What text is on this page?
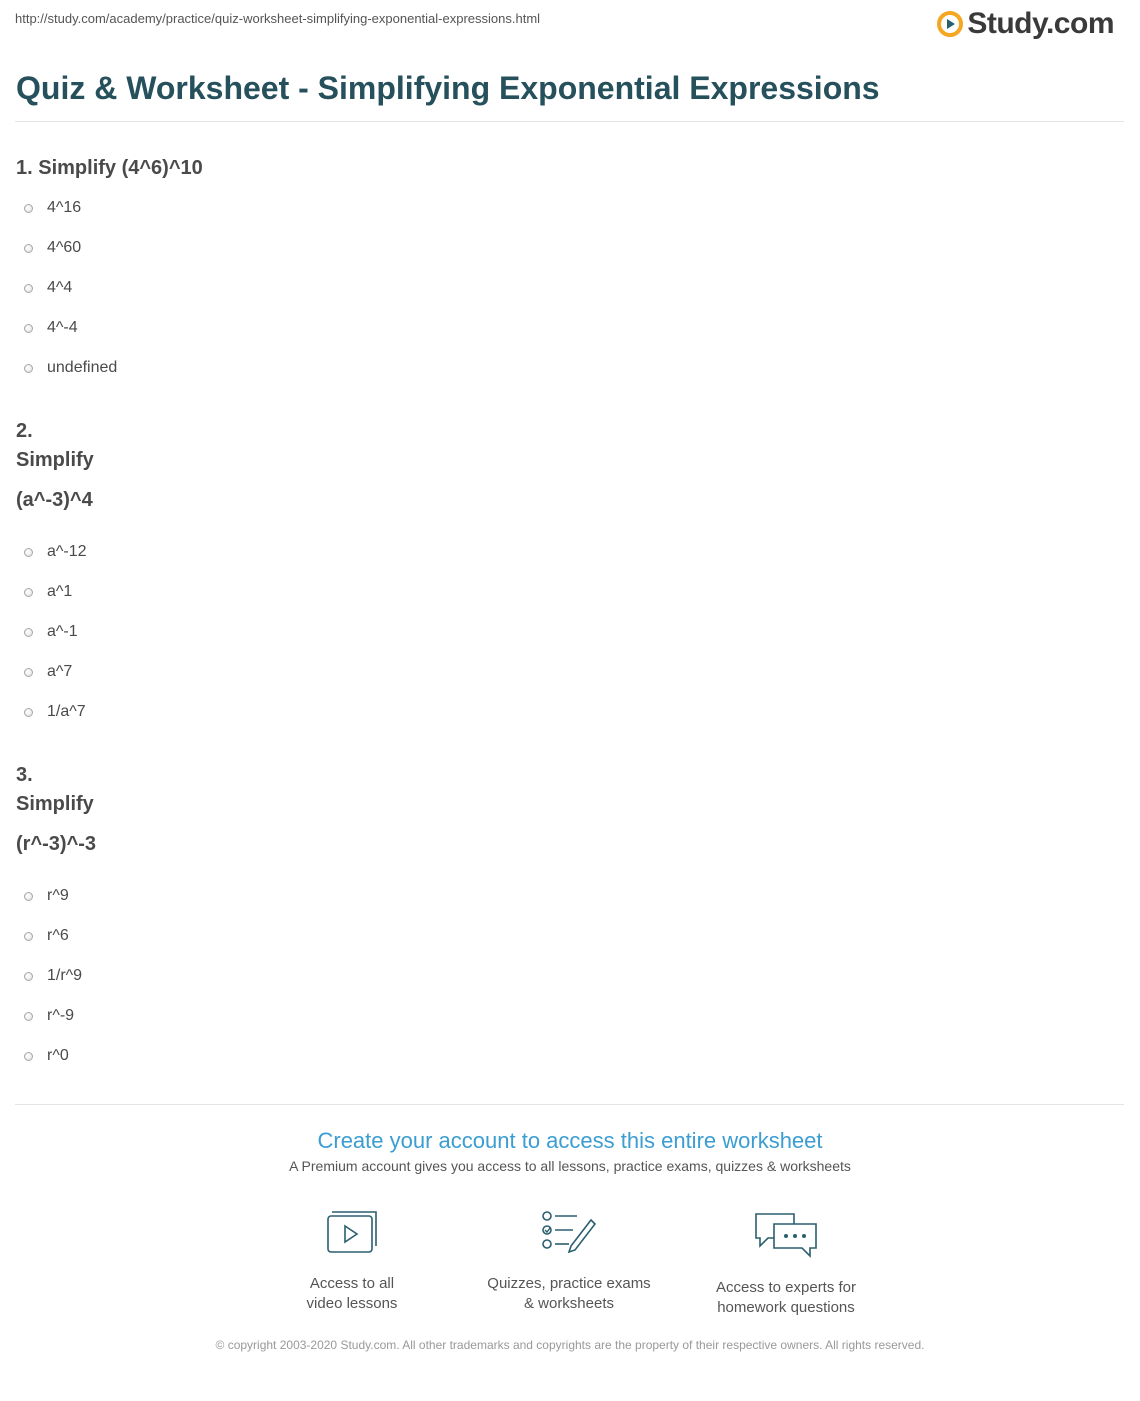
http://study.com/academy/practice/quiz-worksheet-simplifying-exponential-expressions.html	Study.com
Quiz & Worksheet - Simplifying Exponential Expressions

1. Simplify (4^6)^10

4^16
4^60
4^4
4^-4
undefined

2.

Simplify

(a^-3)^4

a^-12
a^1
a^-1
a^7
1/a^7

3.

Simplify

(r^-3)^-3

r^9
r^6
1/r^9
r^-9
r^0
Create your account to access this entire worksheet
A Premium account gives you access to all lessons, practice exams, quizzes & worksheets
Access to all
video lessons
Quizzes, practice exams
& worksheets
Access to experts for
homework questions
© copyright 2003-2020 Study.com. All other trademarks and copyrights are the property of their respective owners. All rights reserved.
